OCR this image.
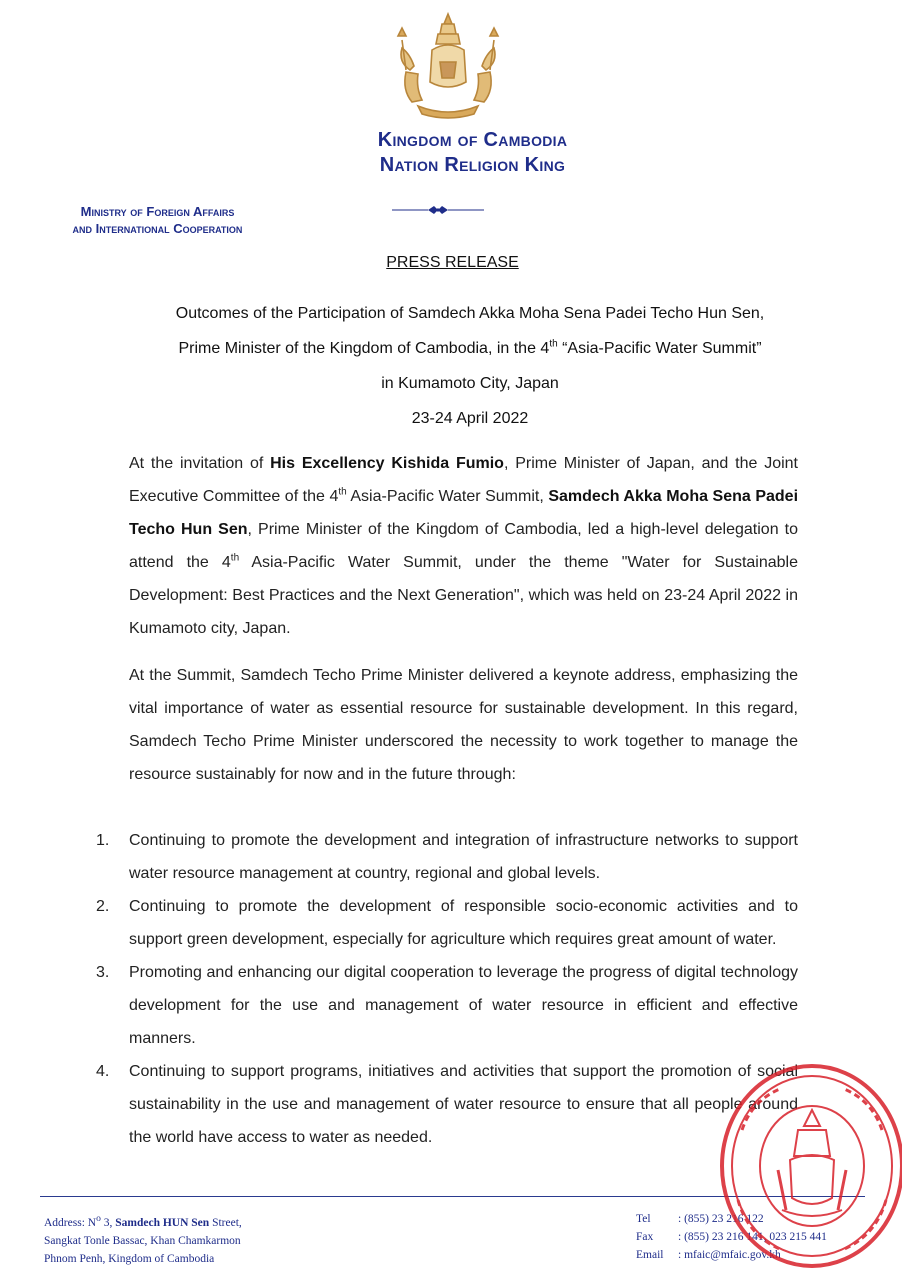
Kingdom of Cambodia
Nation Religion King
Ministry of Foreign Affairs
and International Cooperation
PRESS RELEASE
Outcomes of the Participation of Samdech Akka Moha Sena Padei Techo Hun Sen,
Prime Minister of the Kingdom of Cambodia, in the 4th “Asia-Pacific Water Summit”
in Kumamoto City, Japan
23-24 April 2022
At the invitation of His Excellency Kishida Fumio, Prime Minister of Japan, and the Joint Executive Committee of the 4th Asia-Pacific Water Summit, Samdech Akka Moha Sena Padei Techo Hun Sen, Prime Minister of the Kingdom of Cambodia, led a high-level delegation to attend the 4th Asia-Pacific Water Summit, under the theme "Water for Sustainable Development: Best Practices and the Next Generation", which was held on 23-24 April 2022 in Kumamoto city, Japan.
At the Summit, Samdech Techo Prime Minister delivered a keynote address, emphasizing the vital importance of water as essential resource for sustainable development. In this regard, Samdech Techo Prime Minister underscored the necessity to work together to manage the resource sustainably for now and in the future through:
1.	Continuing to promote the development and integration of infrastructure networks to support water resource management at country, regional and global levels.
2.	Continuing to promote the development of responsible socio-economic activities and to support green development, especially for agriculture which requires great amount of water.
3.	Promoting and enhancing our digital cooperation to leverage the progress of digital technology development for the use and management of water resource in efficient and effective manners.
4.	Continuing to support programs, initiatives and activities that support the promotion of social sustainability in the use and management of water resource to ensure that all people around the world have access to water as needed.
Address: $N^o$ 3, Samdech HUN Sen Street,
Sangkat Tonle Bassac, Khan Chamkarmon
Phnom Penh, Kingdom of Cambodia
Tel : (855) 23 216 122
Fax : (855) 23 216 141, 023 215 441
Email : mfaic@mfaic.gov.kh
